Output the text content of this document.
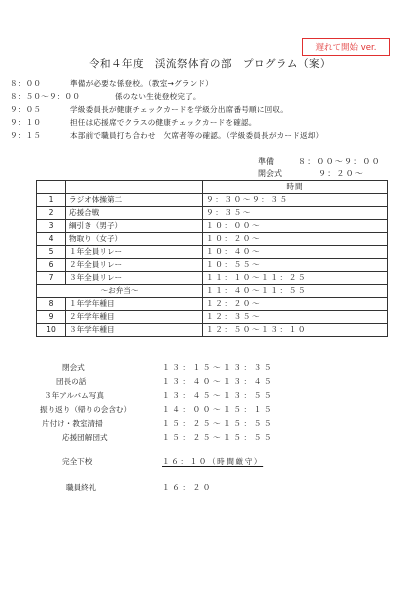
遅れて開始 ver.
令和４年度　渓流祭体育の部　プログラム（案）
８：００	準備が必要な係登校。（教室→グランド）
８：５０～９：００	係のない生徒登校完了。
９：０５	学級委員長が健康チェックカードを学級分出席番号順に回収。
９：１０	担任は応援席でクラスの健康チェックカードを確認。
９：１５	本部前で職員打ち合わせ　欠席者等の確認。（学級委員長がカード返却）
準備	８：００～９：００
開会式	９：２０～
		時間
1	ラジオ体操第二	９：３０～９：３５
2	応援合戦	９：３５～
3	綱引き（男子）	１０：００～
4	物取り（女子）	１０：２０～
5	１年全員リレー	１０：４０～
6	２年全員リレー	１０：５５～
7	３年全員リレー	１１：１０～１１：２５
～お弁当～		１１：４０～１１：５５
8	１年学年種目	１２：２０～
9	２年学年種目	１２：３５～
10	３年学年種目	１２：５０～１３：１０
閉会式	１３：１５～１３：３５
団長の話	１３：４０～１３：４５
３年アルバム写真	１３：４５～１３：５５
振り返り（帰りの会含む）	１４：００～１５：１５
片付け・教室清掃	１５：２５～１５：５５
応援団解団式	１５：２５～１５：５５
完全下校	１６：１０（時間厳守）
職員終礼	１６：２０
